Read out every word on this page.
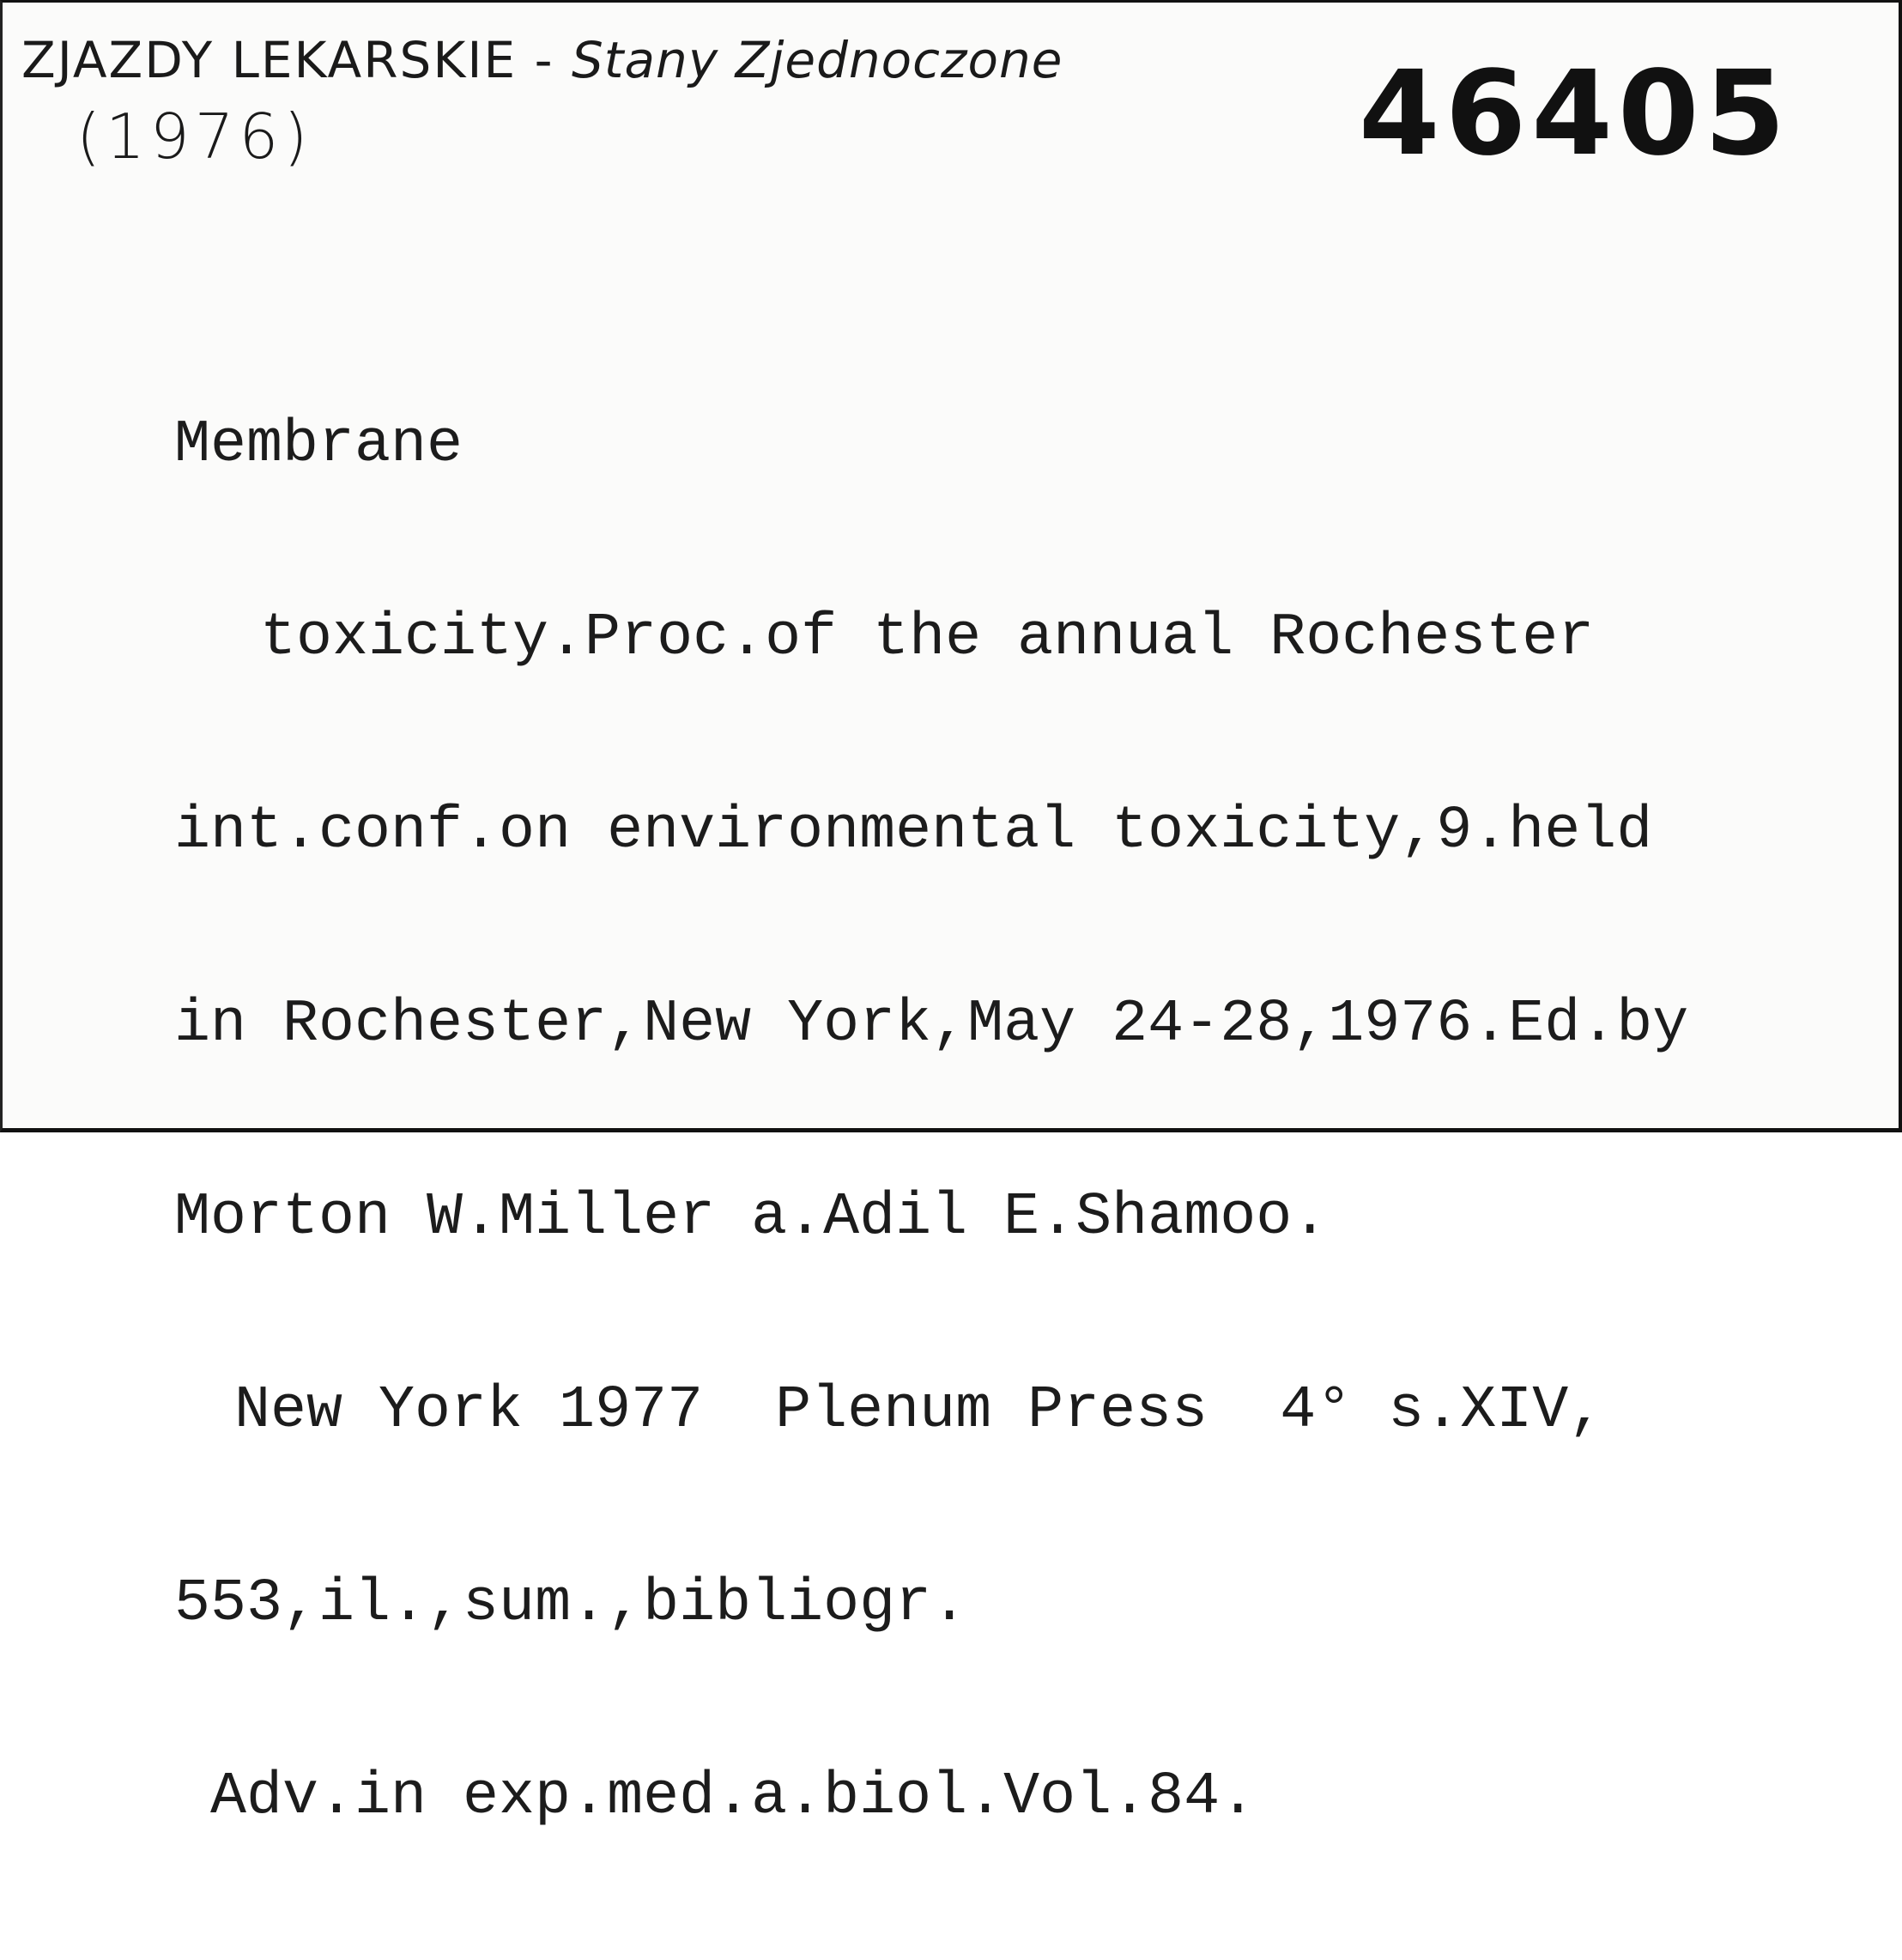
ZJAZDY LEKARSKIE - Stany Zjednoczone
(1976)	46405

Membrane

toxicity.Proc.of the annual Rochester

int.conf.on environmental toxicity,9.held

in Rochester,New York,May 24-28,1976.Ed.by

Morton W.Miller a.Adil E.Shamoo.

New York 1977  Plenum Press  4° s.XIV,

553,il.,sum.,bibliogr.

Adv.in exp.med.a.biol.Vol.84.
